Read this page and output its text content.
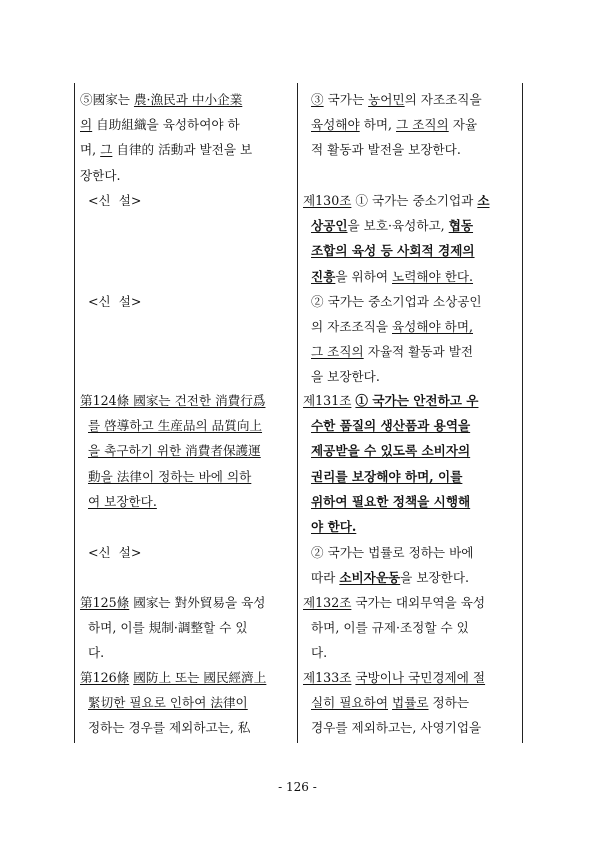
⑤國家는 農·漁民과 中小企業

의 自助組織을 육성하여야 하

며, 그 自律的 活動과 발전을 보

장한다.

<신  설>

<신  설>

第124條 國家는 건전한 消費行爲

를 啓導하고 生産品의 品質向上

을 촉구하기 위한 消費者保護運

動을 法律이 정하는 바에 의하

여 보장한다.

<신  설>

第125條 國家는 對外貿易을 육성

하며, 이를 規制·調整할 수 있

다.

第126條 國防上 또는 國民經濟上

緊切한 필요로 인하여 法律이

정하는 경우를 제외하고는, 私

③ 국가는 농어민의 자조조직을

육성해야 하며, 그 조직의 자율

적 활동과 발전을 보장한다.

제130조 ① 국가는 중소기업과 소

상공인을 보호·육성하고, 협동

조합의 육성 등 사회적 경제의

진흥을 위하여 노력해야 한다.

② 국가는 중소기업과 소상공인

의 자조조직을 육성해야 하며,

그 조직의 자율적 활동과 발전

을 보장한다.

제131조 ① 국가는 안전하고 우

수한 품질의 생산품과 용역을

제공받을 수 있도록 소비자의

권리를 보장해야 하며, 이를

위하여 필요한 정책을 시행해

야 한다.

② 국가는 법률로 정하는 바에

따라 소비자운동을 보장한다.

제132조 국가는 대외무역을 육성

하며, 이를 규제·조정할 수 있

다.

제133조 국방이나 국민경제에 절

실히 필요하여 법률로 정하는

경우를 제외하고는, 사영기업을

- 126 -
